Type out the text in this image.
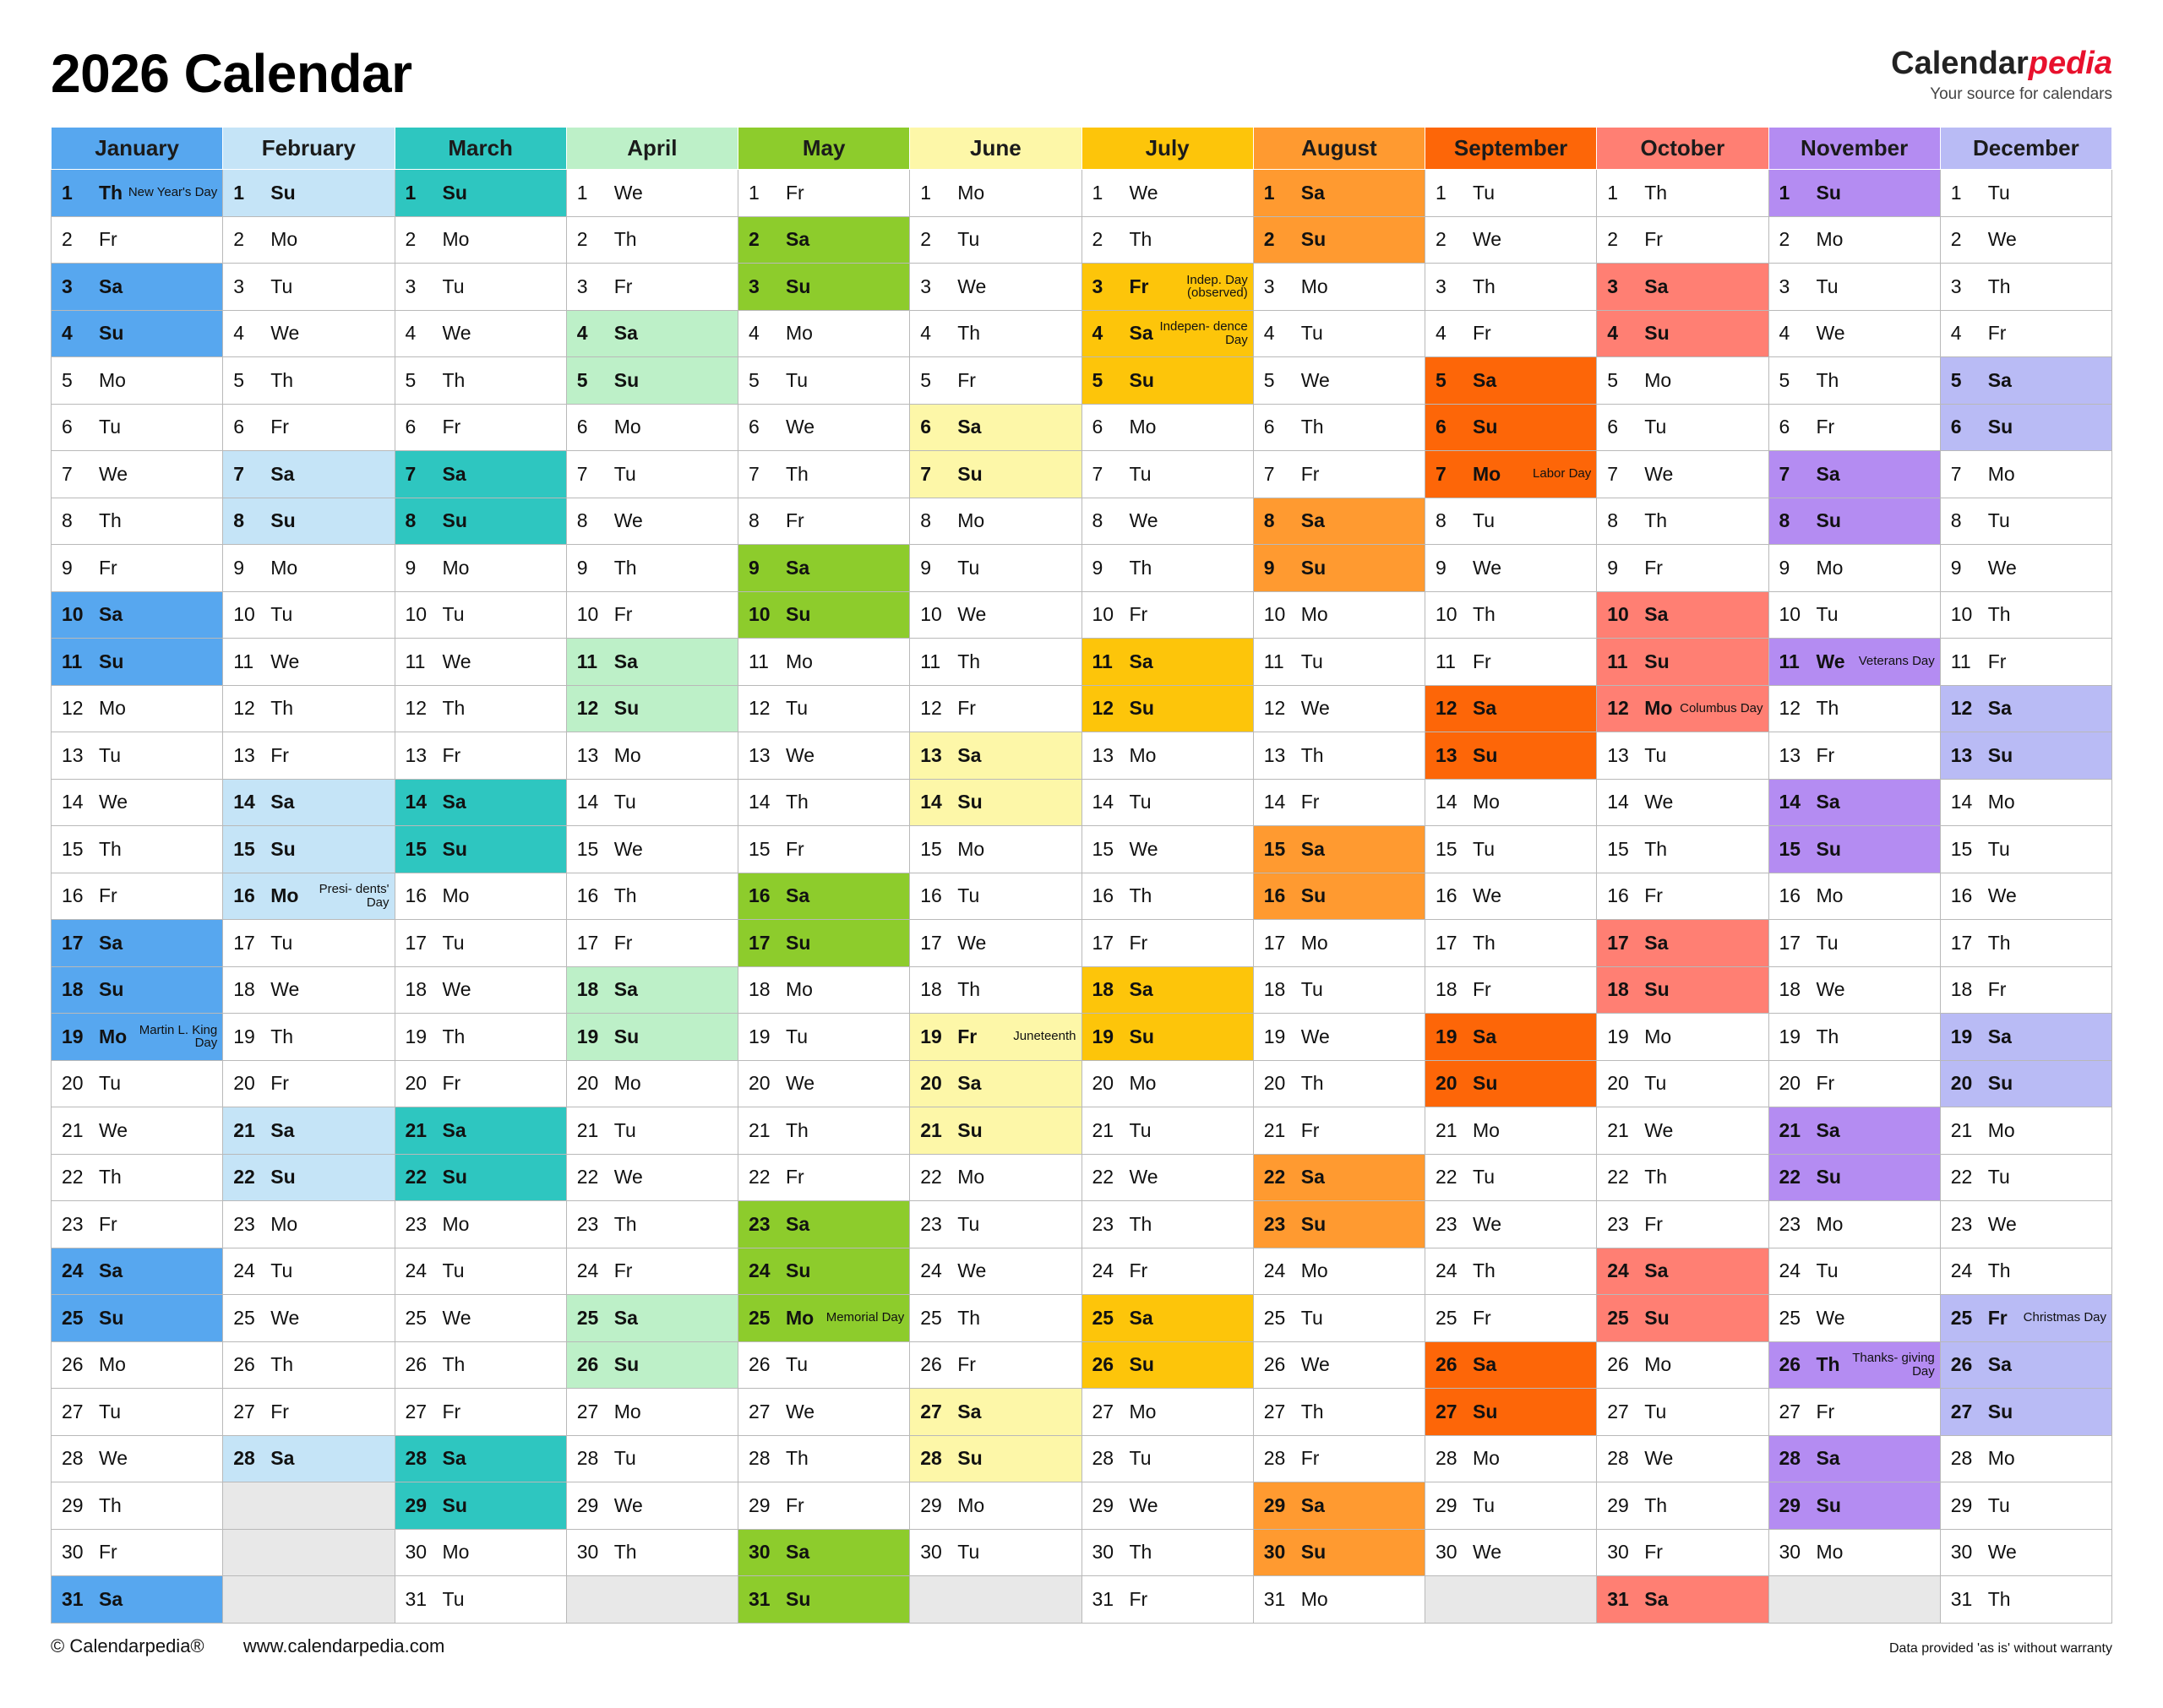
2026 Calendar	Calendarpedia
Your source for calendars
January	February	March	April	May	June	July	August	September	October	November	December

1 Th New Year's Day	1 Su	1 Su	1 We	1 Fr	1 Mo	1 We	1 Sa	1 Tu	1 Th	1 Su	1 Tu

2 Fr	2 Mo	2 Mo	2 Th	2 Sa	2 Tu	2 Th	2 Su	2 We	2 Fr	2 Mo	2 We

3 Sa	3 Tu	3 Tu	3 Fr	3 Su	3 We	3 Fr Indep. Day (observed)	3 Mo	3 Th	3 Sa	3 Tu	3 Th

4 Su	4 We	4 We	4 Sa	4 Mo	4 Th	4 Sa Indepen- dence Day	4 Tu	4 Fr	4 Su	4 We	4 Fr

5 Mo	5 Th	5 Th	5 Su	5 Tu	5 Fr	5 Su	5 We	5 Sa	5 Mo	5 Th	5 Sa

6 Tu	6 Fr	6 Fr	6 Mo	6 We	6 Sa	6 Mo	6 Th	6 Su	6 Tu	6 Fr	6 Su

7 We	7 Sa	7 Sa	7 Tu	7 Th	7 Su	7 Tu	7 Fr	7 Mo Labor Day	7 We	7 Sa	7 Mo

8 Th	8 Su	8 Su	8 We	8 Fr	8 Mo	8 We	8 Sa	8 Tu	8 Th	8 Su	8 Tu

9 Fr	9 Mo	9 Mo	9 Th	9 Sa	9 Tu	9 Th	9 Su	9 We	9 Fr	9 Mo	9 We

10 Sa	10 Tu	10 Tu	10 Fr	10 Su	10 We	10 Fr	10 Mo	10 Th	10 Sa	10 Tu	10 Th

11 Su	11 We	11 We	11 Sa	11 Mo	11 Th	11 Sa	11 Tu	11 Fr	11 Su	11 We Veterans Day	11 Fr

12 Mo	12 Th	12 Th	12 Su	12 Tu	12 Fr	12 Su	12 We	12 Sa	12 Mo Columbus Day	12 Th	12 Sa

13 Tu	13 Fr	13 Fr	13 Mo	13 We	13 Sa	13 Mo	13 Th	13 Su	13 Tu	13 Fr	13 Su

14 We	14 Sa	14 Sa	14 Tu	14 Th	14 Su	14 Tu	14 Fr	14 Mo	14 We	14 Sa	14 Mo

15 Th	15 Su	15 Su	15 We	15 Fr	15 Mo	15 We	15 Sa	15 Tu	15 Th	15 Su	15 Tu

16 Fr	16 Mo Presi- dents' Day	16 Mo	16 Th	16 Sa	16 Tu	16 Th	16 Su	16 We	16 Fr	16 Mo	16 We

17 Sa	17 Tu	17 Tu	17 Fr	17 Su	17 We	17 Fr	17 Mo	17 Th	17 Sa	17 Tu	17 Th

18 Su	18 We	18 We	18 Sa	18 Mo	18 Th	18 Sa	18 Tu	18 Fr	18 Su	18 We	18 Fr

19 Mo Martin L. King Day	19 Th	19 Th	19 Su	19 Tu	19 Fr Juneteenth	19 Su	19 We	19 Sa	19 Mo	19 Th	19 Sa

20 Tu	20 Fr	20 Fr	20 Mo	20 We	20 Sa	20 Mo	20 Th	20 Su	20 Tu	20 Fr	20 Su

21 We	21 Sa	21 Sa	21 Tu	21 Th	21 Su	21 Tu	21 Fr	21 Mo	21 We	21 Sa	21 Mo

22 Th	22 Su	22 Su	22 We	22 Fr	22 Mo	22 We	22 Sa	22 Tu	22 Th	22 Su	22 Tu

23 Fr	23 Mo	23 Mo	23 Th	23 Sa	23 Tu	23 Th	23 Su	23 We	23 Fr	23 Mo	23 We

24 Sa	24 Tu	24 Tu	24 Fr	24 Su	24 We	24 Fr	24 Mo	24 Th	24 Sa	24 Tu	24 Th

25 Su	25 We	25 We	25 Sa	25 Mo Memorial Day	25 Th	25 Sa	25 Tu	25 Fr	25 Su	25 We	25 Fr Christmas Day

26 Mo	26 Th	26 Th	26 Su	26 Tu	26 Fr	26 Su	26 We	26 Sa	26 Mo	26 Th Thanks- giving Day	26 Sa

27 Tu	27 Fr	27 Fr	27 Mo	27 We	27 Sa	27 Mo	27 Th	27 Su	27 Tu	27 Fr	27 Su

28 We	28 Sa	28 Sa	28 Tu	28 Th	28 Su	28 Tu	28 Fr	28 Mo	28 We	28 Sa	28 Mo

29 Th		29 Su	29 We	29 Fr	29 Mo	29 We	29 Sa	29 Tu	29 Th	29 Su	29 Tu

30 Fr		30 Mo	30 Th	30 Sa	30 Tu	30 Th	30 Su	30 We	30 Fr	30 Mo	30 We

31 Sa		31 Tu		31 Su		31 Fr	31 Mo		31 Sa		31 Th
© Calendarpedia® www.calendarpedia.com	Data provided 'as is' without warranty
